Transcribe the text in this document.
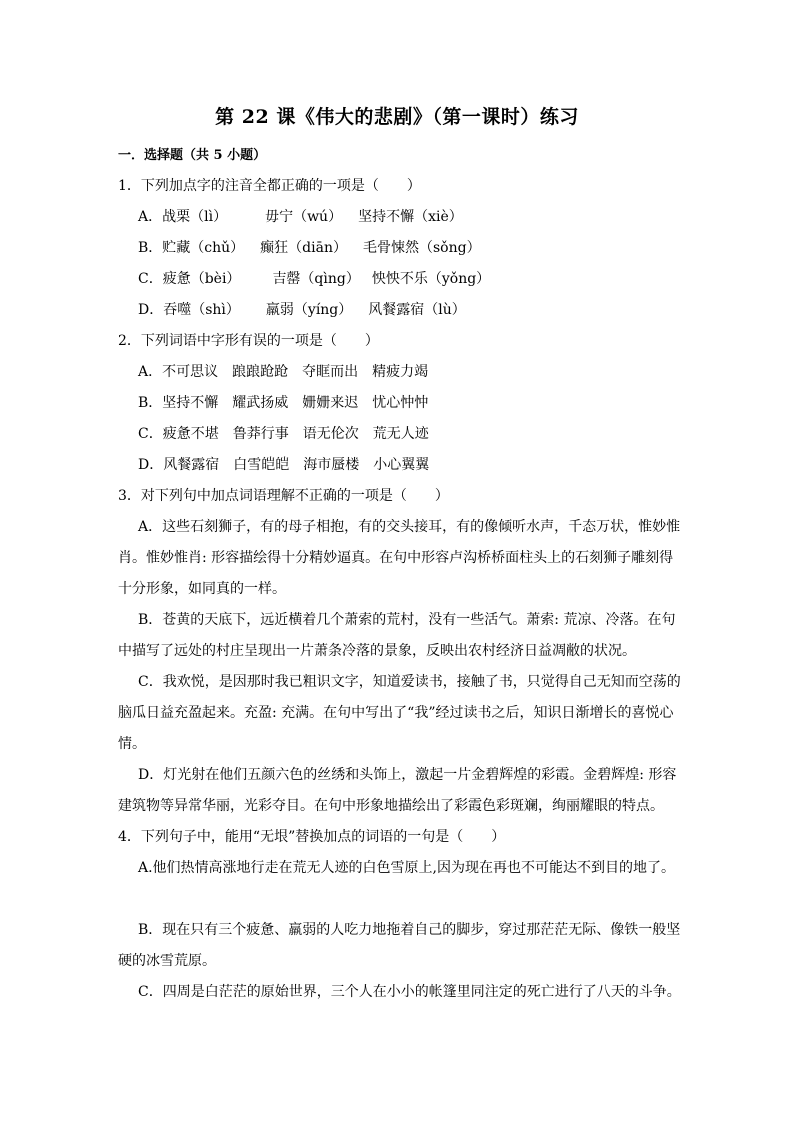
第 22 课《伟大的悲剧》（第一课时）练习
一．选择题（共 5 小题）
1．下列加点字的注音全都正确的一项是（　　）
A．战栗（lì）	毋宁（wú） 坚持不懈（xiè）
B．贮藏（chǔ） 癫狂（diān） 毛骨悚然（sǒng）
C．疲惫（bèi） 吉罄（qìng） 怏怏不乐（yǒng）
D．吞噬（shì） 羸弱（yíng） 风餐露宿（lù）
2．下列词语中字形有误的一项是（　　）
A．不可思议 踉踉跄跄 夺眶而出 精疲力竭
B．坚持不懈 耀武扬威 姗姗来迟 忧心忡忡
C．疲惫不堪 鲁莽行事 语无伦次 荒无人迹
D．风餐露宿 白雪皑皑 海市蜃楼 小心翼翼
3．对下列句中加点词语理解不正确的一项是（　　）
A．这些石刻狮子，有的母子相抱，有的交头接耳，有的像倾听水声，千态万状，惟妙惟肖。惟妙惟肖: 形容描绘得十分精妙逼真。在句中形容卢沟桥桥面柱头上的石刻狮子雕刻得十分形象，如同真的一样。
B．苍黄的天底下，远近横着几个萧索的荒村，没有一些活气。萧索: 荒凉、冷落。在句中描写了远处的村庄呈现出一片萧条冷落的景象，反映出农村经济日益凋敝的状况。
C．我欢悦，是因那时我已粗识文字，知道爱读书，接触了书，只觉得自己无知而空荡的脑瓜日益充盈起来。充盈: 充满。在句中写出了“我”经过读书之后，知识日渐增长的喜悦心情。
D．灯光射在他们五颜六色的丝绣和头饰上，激起一片金碧辉煌的彩霞。金碧辉煌: 形容建筑物等异常华丽，光彩夺目。在句中形象地描绘出了彩霞色彩斑斓，绚丽耀眼的特点。
4．下列句子中，能用“无垠”替换加点的词语的一句是（　　）
A.他们热情高涨地行走在荒无人迹的白色雪原上,因为现在再也不可能达不到目的地了。
B．现在只有三个疲惫、羸弱的人吃力地拖着自己的脚步，穿过那茫茫无际、像铁一般坚硬的冰雪荒原。
C．四周是白茫茫的原始世界，三个人在小小的帐篷里同注定的死亡进行了八天的斗争。
